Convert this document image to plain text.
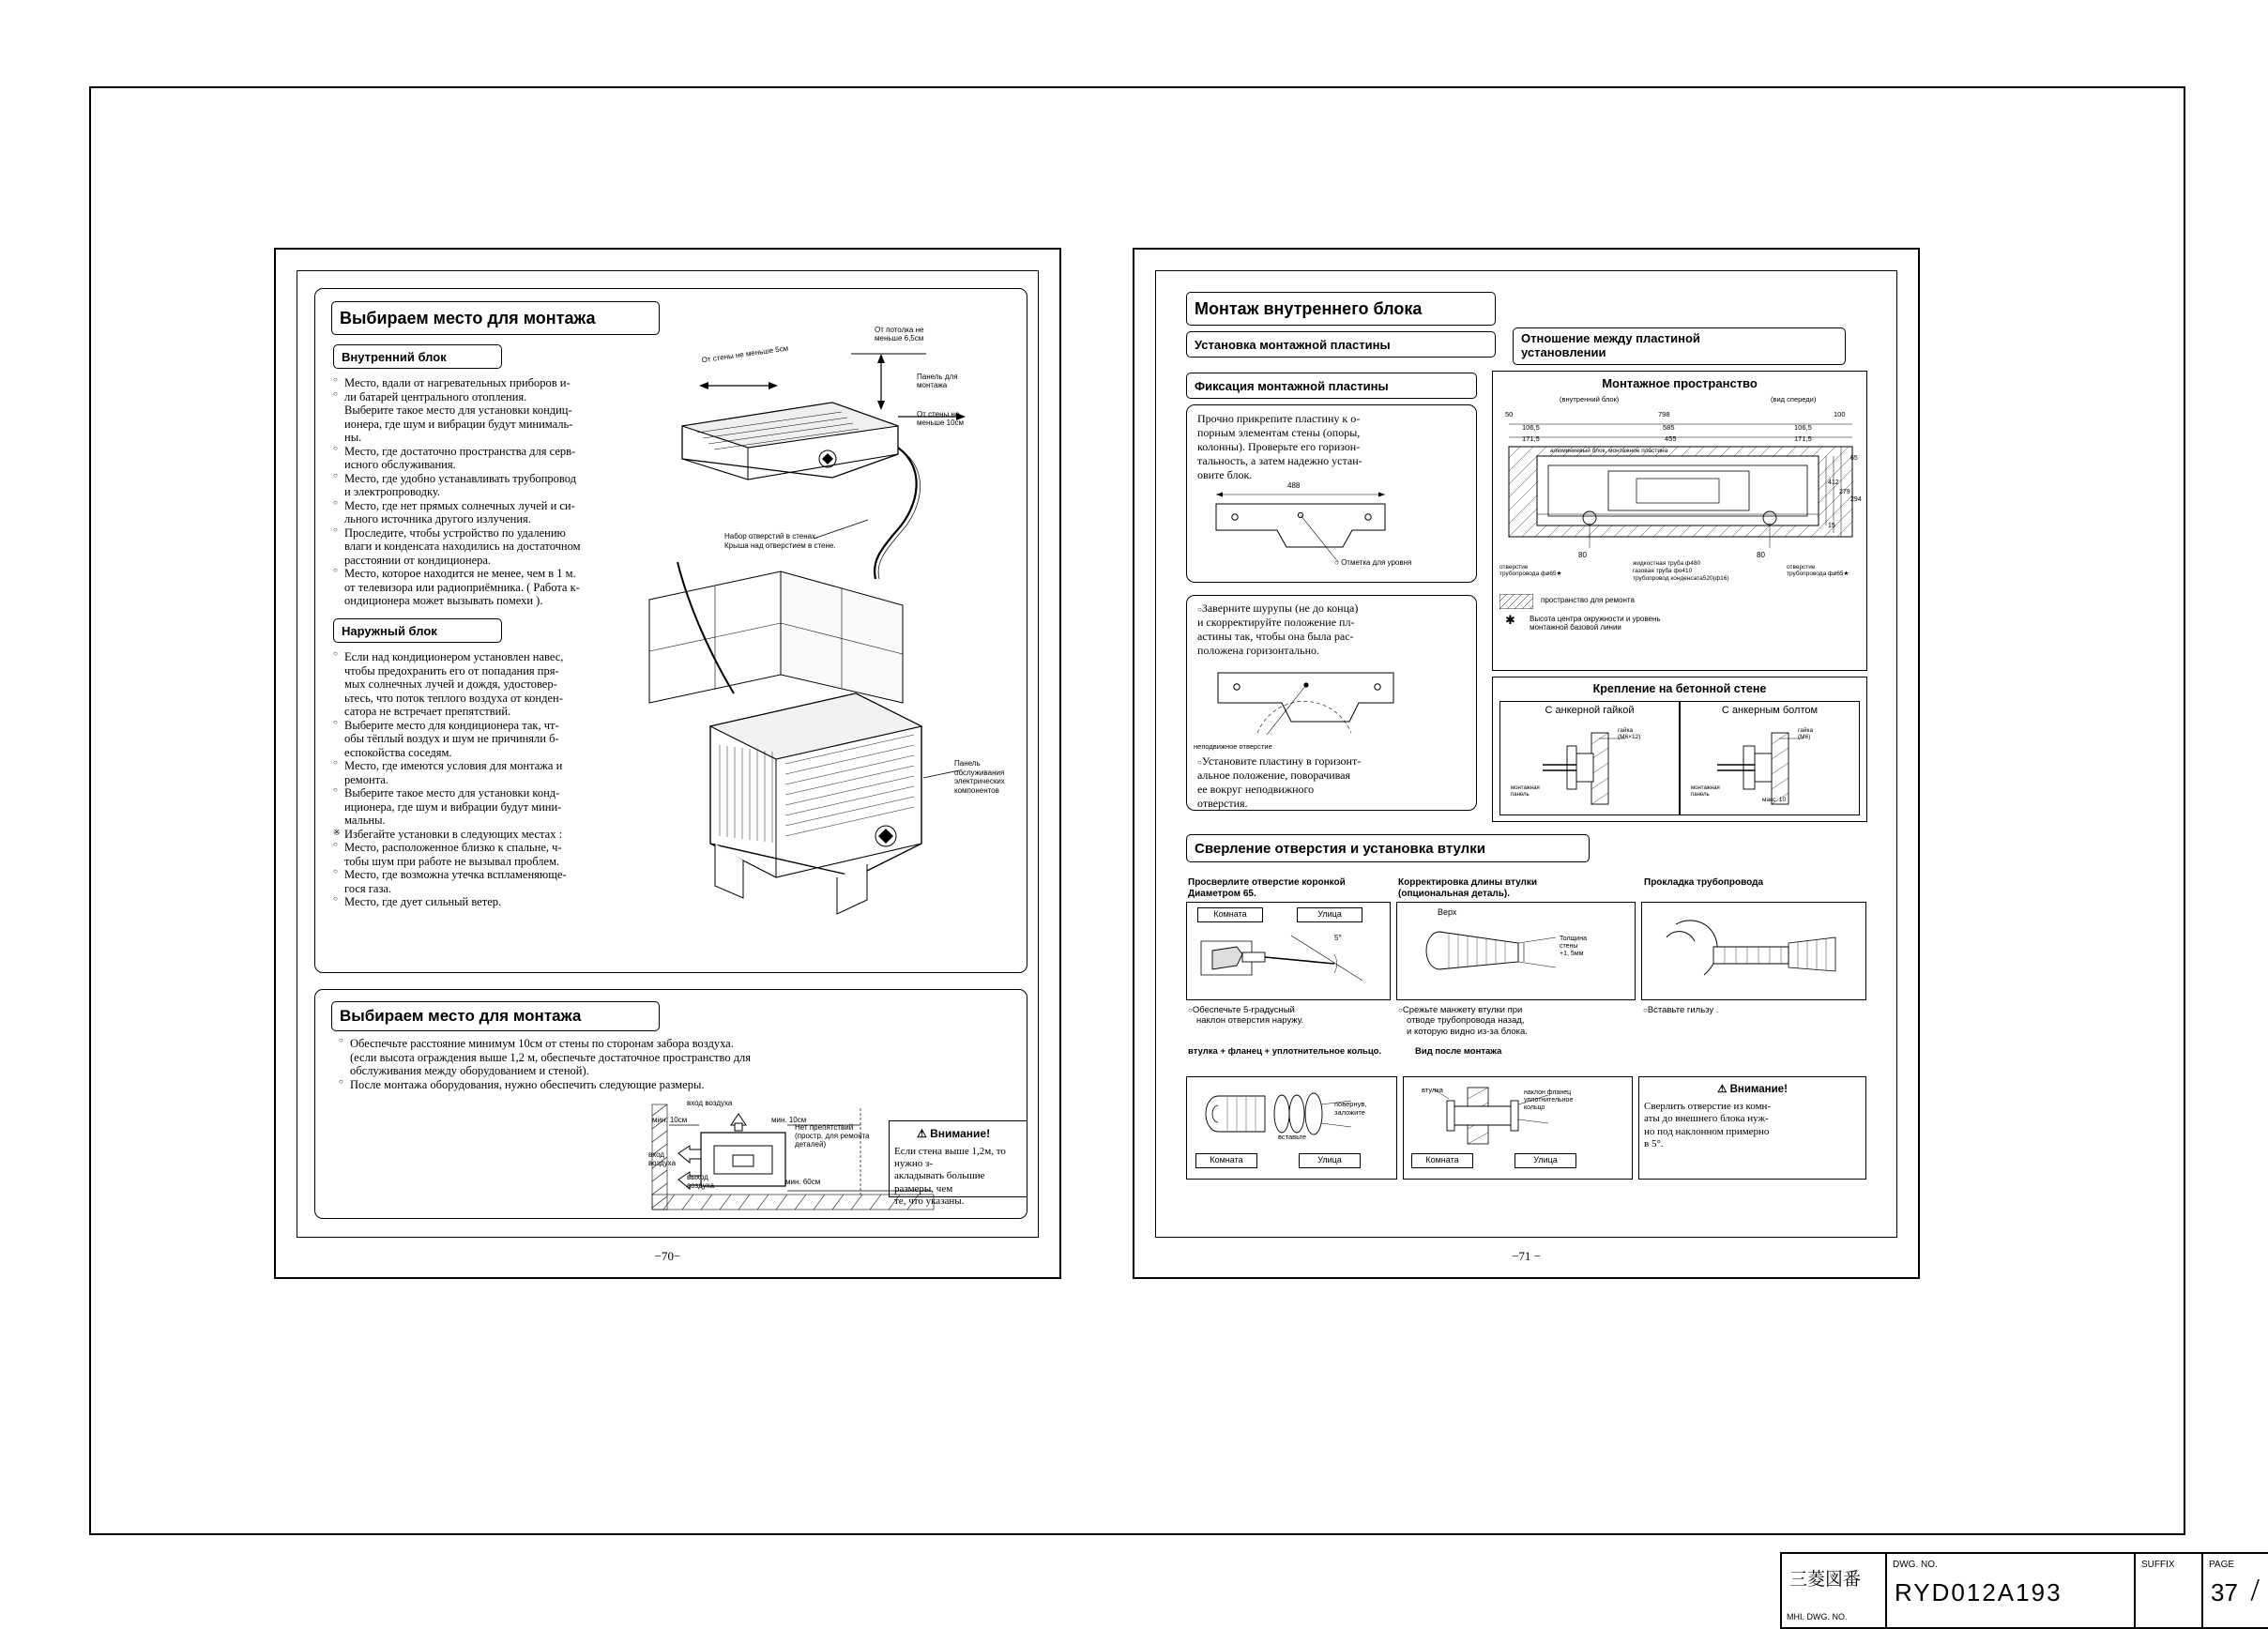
Выбираем место для монтажа
Внутренний блок
○ Место, вдали от нагревательных приборов и-
○ ли батарей центрального отопления.
Выберите такое место для установки кондиц-
ионера, где шум и вибрации будут минималь-
ны.
○ Место, где достаточно пространства для серв-
исного обслуживания.
○ Место, где удобно устанавливать трубопровод
и электропроводку.
○ Место, где нет прямых солнечных лучей и си-
льного источника другого излучения.
○ Проследите, чтобы устройство по удалению
влаги и конденсата находились на достаточном
расстоянии от кондиционера.
○ Место, которое находится не менее, чем в 1 м.
от телевизора или радиоприёмника. ( Работа к-
ондиционера может вызывать помехи ).
Наружный блок
○ Если над кондиционером установлен навес,
чтобы предохранить его от попадания пря-
мых солнечных лучей и дождя, удостовер-
ьтесь, что поток теплого воздуха от конден-
сатора не встречает препятствий.
○ Выберите место для кондиционера так, чт-
обы тёплый воздух и шум не причиняли б-
еспокойства соседям.
○ Место, где имеются условия для монтажа и
ремонта.
○ Выберите такое место для установки конд-
иционера, где шум и вибрации будут мини-
мальны.
※ Избегайте установки в следующих местах :
○ Место, расположенное близко к спальне, ч-
тобы шум при работе не вызывал проблем.
○ Место, где возможна утечка вспламеняюще-
гося газа.
○ Место, где дует сильный ветер.
От потолка не
меньше 6,5см
От стены не меньше 5см
Панель для
монтажа
От стены не
меньше 10см
Набор отверстий в стенах.
Крыша над отверстием в стене.
Панель
обслуживания
электрических
компонентов
Выбираем место для монтажа
○ Обеспечьте расстояние минимум 10см от стены по сторонам забора воздуха.
(если высота ограждения выше 1,2 м, обеспечьте достаточное пространство для
обслуживания между оборудованием и стеной).
○ После монтажа оборудования, нужно обеспечить следующие размеры.
вход воздуха
мин. 10см	мин. 10см
вход
воздуха
выход
воздуха	мин. 60см
Нет препятствий
(простр. для ремонта
деталей)
⚠ Внимание!
Если стена выше 1,2м, то нужно з-
акладывать большие размеры, чем
те, что указаны.
−70−
Монтаж внутреннего блока
Установка монтажной пластины	Отношение между пластиной
установлении
Фиксация монтажной пластины
Прочно прикрепите пластину к о-
порным элементам стены (опоры,
колонны). Проверьте его горизон-
тальность, а затем надежно устан-
овите блок.
488
○ Отметка для уровня
○Заверните шурупы (не до конца)
и скорректируйте положение пл-
астины так, чтобы она была рас-
положена горизонтально.
неподвижное отверстие
○Установите пластину в горизонт-
альное положение, поворачивая
ее вокруг неподвижного
отверстия.
Монтажное пространство
(внутренний блок)	(вид спереди)
50	798	100
106,5	585	106,5
171,5	455	171,5
алюминиевый блок, монтажное пластина
65
412
279
294
15
80	80
отверстие
трубопровода фø65★
жидкостная труба ф480
газовая труба фо410
трубопровод конденсата520(ф16)
отверстие
трубопровода фø65★
пространство для ремонта
✱ Высота центра окружности и уровень
монтажной базовой линии
Крепление на бетонной стене
С анкерной гайкой	С анкерным болтом
гайка
(M6×12)
монтажная
панель
гайка
(M6)
монтажная
панель
макс. 10
Сверление отверстия и установка втулки
Просверлите отверстие коронкой
Диаметром 65.
Корректировка длины втулки
(опциональная деталь).
Прокладка трубопровода
Комната	Улица
5°
Верх
Толщина
стены
+1, 5мм
○Обеспечьте 5-градусный
наклон отверстия наружу.
○Срежьте манжету втулки при
отводе трубопровода назад,
и которую видно из-за блока.
○Вставьте гильзу .
втулка + фланец + уплотнительное кольцо.	Вид после монтажа
повернув,
заложите
вставьте
Комната	Улица
втулка	наклон фланец
уплотнительное
кольцо
Комната	Улица
⚠ Внимание!
Сверлить отверстие из комн-
аты до внешнего блока нуж-
но под наклонном примерно
в 5°.
−71 −
三菱図番
MHI. DWG. NO.
DWG. NO.
RYD012A193
SUFFIX	PAGE
37 /
